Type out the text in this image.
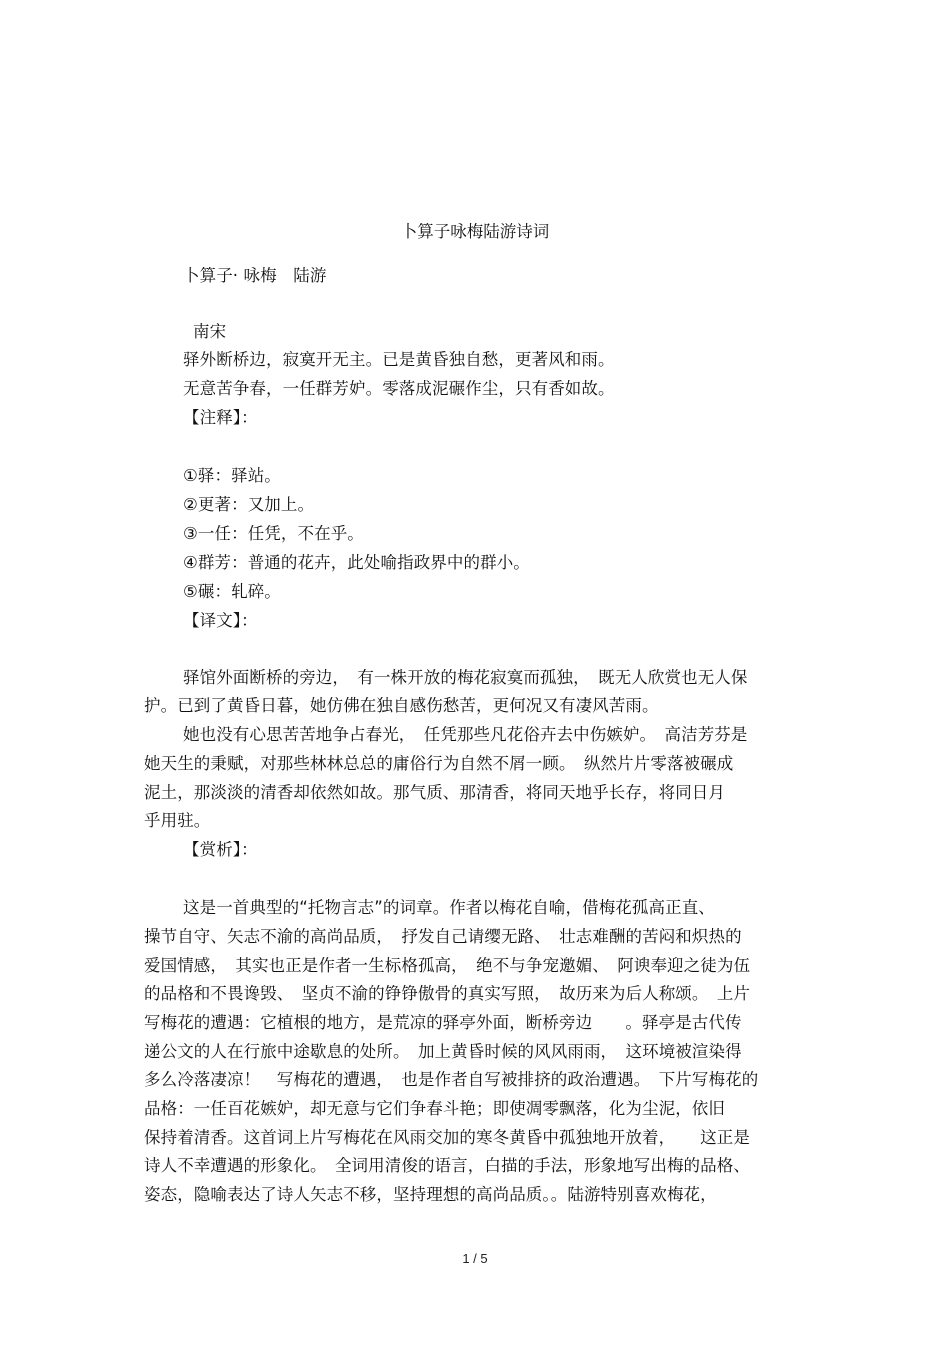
卜算子咏梅陆游诗词
卜算子· 咏梅　陆游
南宋
驿外断桥边，寂寞开无主。已是黄昏独自愁，更著风和雨。
无意苦争春，一任群芳妒。零落成泥碾作尘，只有香如故。
【注释】：
①驿：驿站。
②更著：又加上。
③一任：任凭，不在乎。
④群芳：普通的花卉，此处喻指政界中的群小。
⑤碾：轧碎。
【译文】：
驿馆外面断桥的旁边，　有一株开放的梅花寂寞而孤独，　既无人欣赏也无人保
护。已到了黄昏日暮，她仿佛在独自感伤愁苦，更何况又有凄风苦雨。
她也没有心思苦苦地争占春光，　任凭那些凡花俗卉去中伤嫉妒。　高洁芳芬是
她天生的秉赋，对那些林林总总的庸俗行为自然不屑一顾。　纵然片片零落被碾成
泥土，那淡淡的清香却依然如故。那气质、那清香，将同天地乎长存，将同日月
乎用驻。
【赏析】：
这是一首典型的“托物言志”的词章。作者以梅花自喻，借梅花孤高正直、
操节自守、矢志不渝的高尚品质，　抒发自己请缨无路、　壮志难酬的苦闷和炽热的
爱国情感，　其实也正是作者一生标格孤高，　绝不与争宠邀媚、　阿谀奉迎之徒为伍
的品格和不畏谗毁、　坚贞不渝的铮铮傲骨的真实写照，　故历来为后人称颂。　上片
写梅花的遭遇：它植根的地方，是荒凉的驿亭外面，断桥旁边　　。驿亭是古代传
递公文的人在行旅中途歇息的处所。　加上黄昏时候的风风雨雨，　这环境被渲染得
多么冷落凄凉！　写梅花的遭遇，　也是作者自写被排挤的政治遭遇。　下片写梅花的
品格：一任百花嫉妒，却无意与它们争春斗艳；即使凋零飘落，化为尘泥，依旧
保持着清香。这首词上片写梅花在风雨交加的寒冬黄昏中孤独地开放着，　　这正是
诗人不幸遭遇的形象化。　全词用清俊的语言，白描的手法，形象地写出梅的品格、
姿态，隐喻表达了诗人矢志不移，坚持理想的高尚品质。。陆游特别喜欢梅花，
1 / 5
